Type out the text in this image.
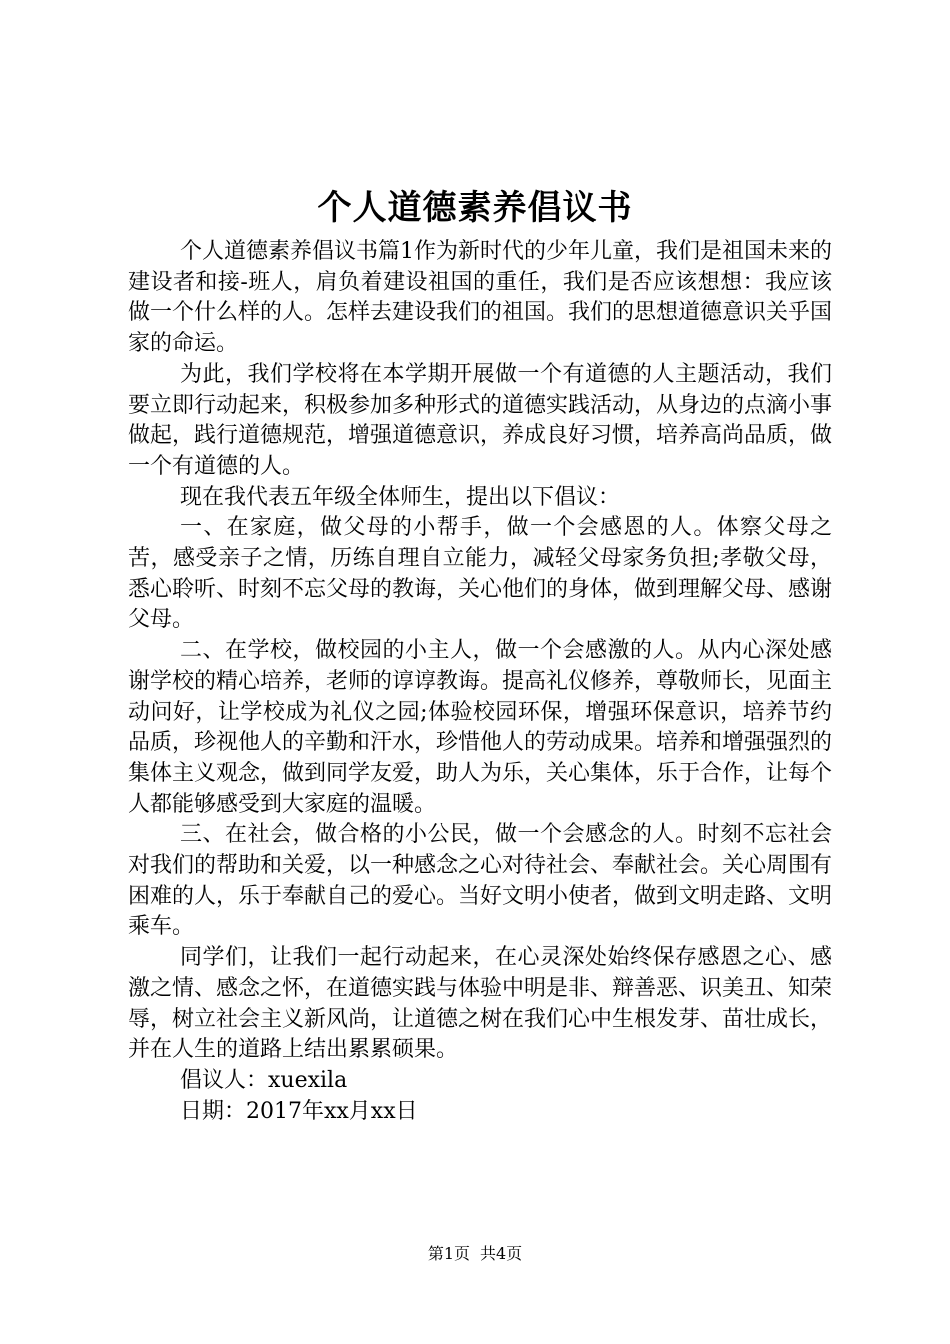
个人道德素养倡议书

个人道德素养倡议书篇1作为新时代的少年儿童，我们是祖国未来的建设者和接-班人，肩负着建设祖国的重任，我们是否应该想想：我应该做一个什么样的人。怎样去建设我们的祖国。我们的思想道德意识关乎国家的命运。

为此，我们学校将在本学期开展做一个有道德的人主题活动，我们要立即行动起来，积极参加多种形式的道德实践活动，从身边的点滴小事做起，践行道德规范，增强道德意识，养成良好习惯，培养高尚品质，做一个有道德的人。

现在我代表五年级全体师生，提出以下倡议：

一、在家庭，做父母的小帮手，做一个会感恩的人。体察父母之苦，感受亲子之情，历练自理自立能力，减轻父母家务负担;孝敬父母，悉心聆听、时刻不忘父母的教诲，关心他们的身体，做到理解父母、感谢父母。

二、在学校，做校园的小主人，做一个会感激的人。从内心深处感谢学校的精心培养，老师的谆谆教诲。提高礼仪修养，尊敬师长，见面主动问好，让学校成为礼仪之园;体验校园环保，增强环保意识，培养节约品质，珍视他人的辛勤和汗水，珍惜他人的劳动成果。培养和增强强烈的集体主义观念，做到同学友爱，助人为乐，关心集体，乐于合作，让每个人都能够感受到大家庭的温暖。

三、在社会，做合格的小公民，做一个会感念的人。时刻不忘社会对我们的帮助和关爱，以一种感念之心对待社会、奉献社会。关心周围有困难的人，乐于奉献自己的爱心。当好文明小使者，做到文明走路、文明乘车。

同学们，让我们一起行动起来，在心灵深处始终保存感恩之心、感激之情、感念之怀，在道德实践与体验中明是非、辩善恶、识美丑、知荣辱，树立社会主义新风尚，让道德之树在我们心中生根发芽、苗壮成长，并在人生的道路上结出累累硕果。

倡议人：xuexila

日期：2017年xx月xx日

第1页 共4页
